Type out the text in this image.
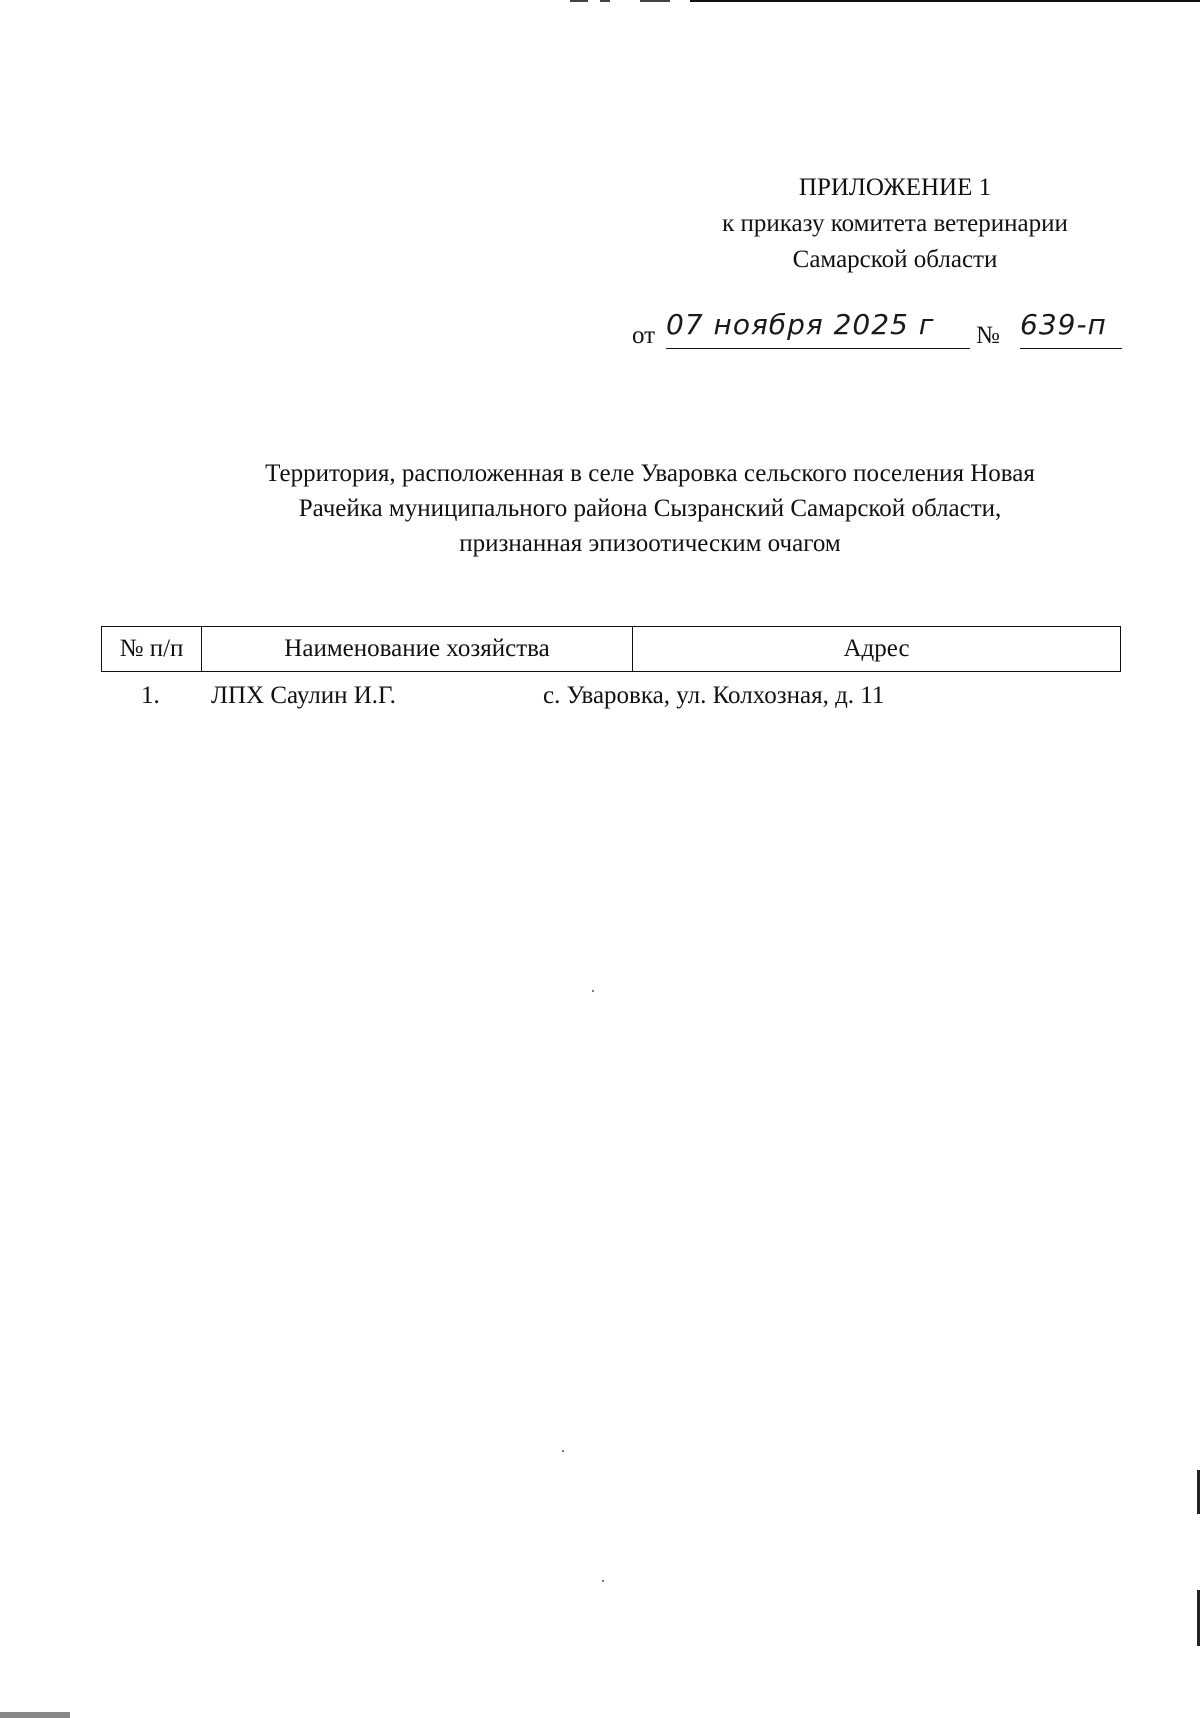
ПРИЛОЖЕНИЕ 1
к приказу комитета ветеринарии
Самарской области
от 07 ноября 2025 г	№ 639-п
Территория, расположенная в селе Уваровка сельского поселения Новая
Рачейка муниципального района Сызранский Самарской области,
признанная эпизоотическим очагом
№ п/п	Наименование хозяйства	Адрес
1. ЛПХ Саулин И.Г.	с. Уваровка, ул. Колхозная, д. 11
